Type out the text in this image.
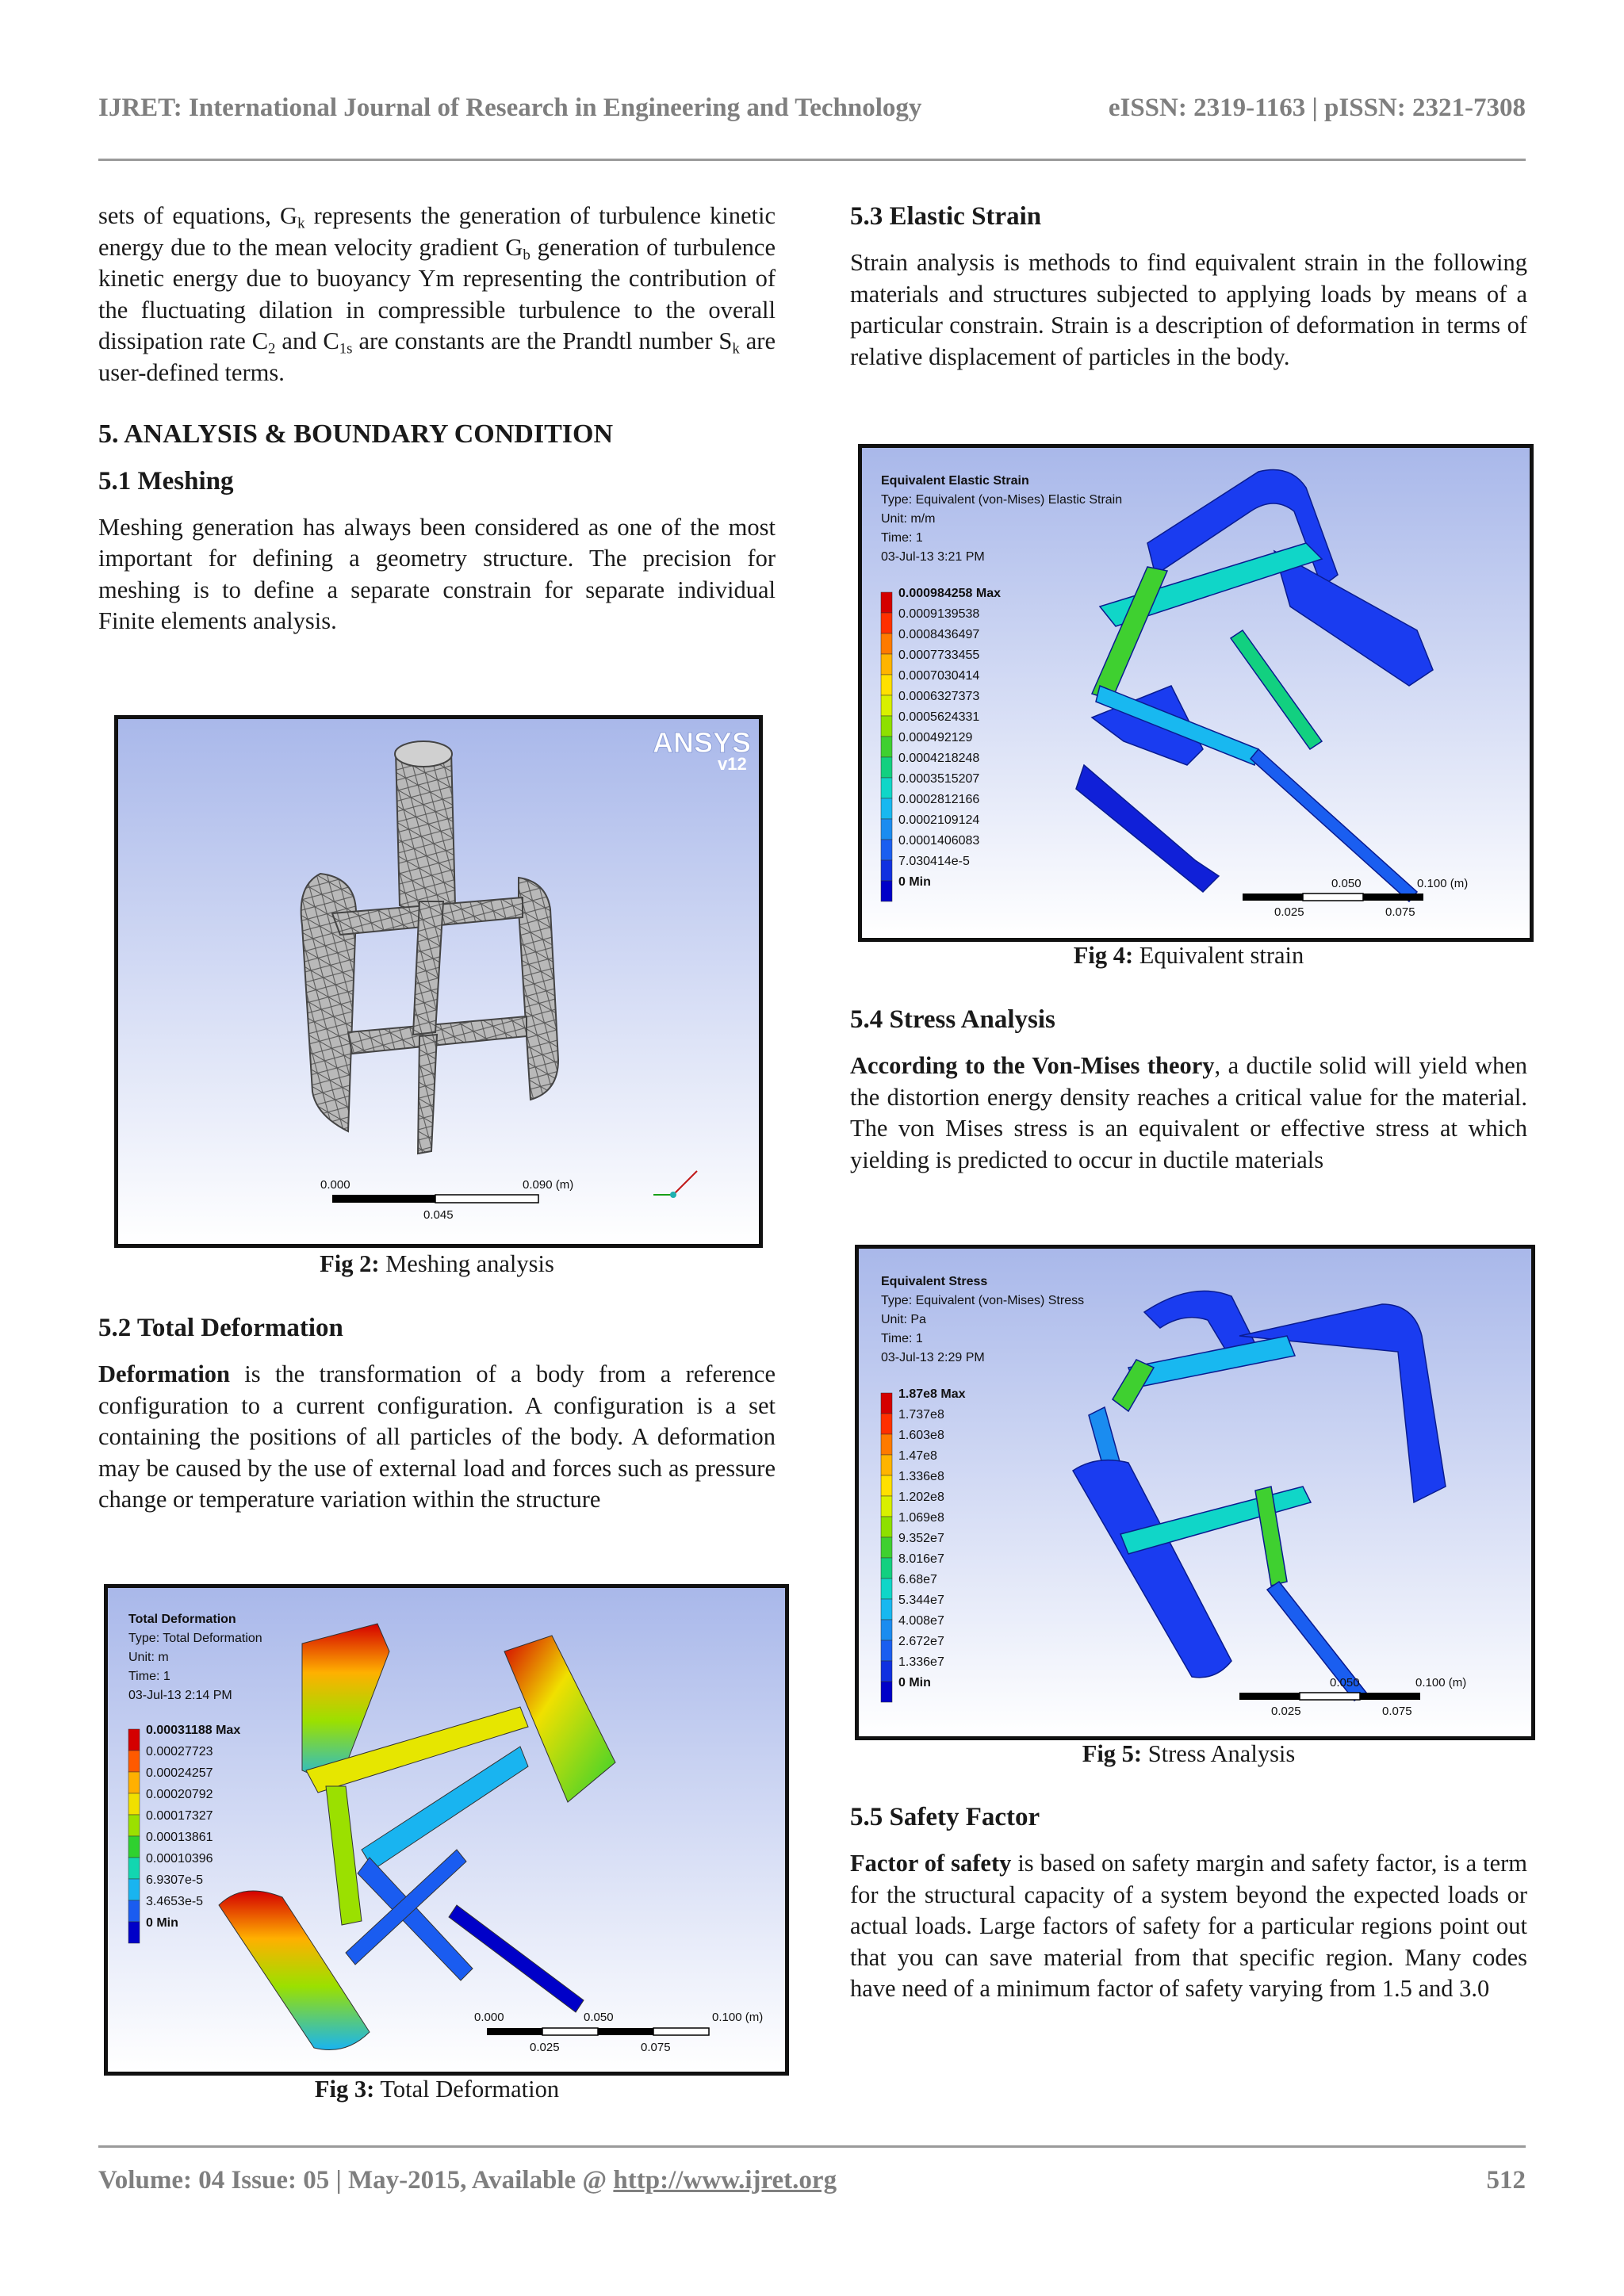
IJRET: International Journal of Research in Engineering and Technology	eISSN: 2319-1163 | pISSN: 2321-7308

sets of equations, $G_k$ represents the generation of turbulence kinetic energy due to the mean velocity gradient $G_b$ generation of turbulence kinetic energy due to buoyancy Ym representing the contribution of the fluctuating dilation in compressible turbulence to the overall dissipation rate $C_2$ and $C_{1s}$ are constants are the Prandtl number $S_k$ are user-defined terms.

5. ANALYSIS & BOUNDARY CONDITION

5.1 Meshing

Meshing generation has always been considered as one of the most important for defining a geometry structure. The precision for meshing is to define a separate constrain for separate individual Finite elements analysis.

ANSYS
v12
0.000	0.090 (m)
0.045
Fig 2: Meshing analysis

5.2 Total Deformation

Deformation is the transformation of a body from a reference configuration to a current configuration. A configuration is a set containing the positions of all particles of the body. A deformation may be caused by the use of external load and forces such as pressure change or temperature variation within the structure

Total Deformation
Type: Total Deformation
Unit: m
Time: 1
03-Jul-13 2:14 PM
0.00031188 Max
0.00027723
0.00024257
0.00020792
0.00017327
0.00013861
0.00010396
6.9307e-5
3.4653e-5
0 Min
0.000	0.050	0.100 (m)
0.025	0.075
Fig 3: Total Deformation

5.3 Elastic Strain

Strain analysis is methods to find equivalent strain in the following materials and structures subjected to applying loads by means of a particular constrain. Strain is a description of deformation in terms of relative displacement of particles in the body.

Equivalent Elastic Strain
Type: Equivalent (von-Mises) Elastic Strain
Unit: m/m
Time: 1
03-Jul-13 3:21 PM
0.000984258 Max
0.0009139538
0.0008436497
0.0007733455
0.0007030414
0.0006327373
0.0005624331
0.000492129
0.0004218248
0.0003515207
0.0002812166
0.0002109124
0.0001406083
7.030414e-5
0 Min	0.050	0.100 (m)
0.025	0.075
Fig 4: Equivalent strain

5.4 Stress Analysis

According to the Von-Mises theory, a ductile solid will yield when the distortion energy density reaches a critical value for the material. The von Mises stress is an equivalent or effective stress at which yielding is predicted to occur in ductile materials

Equivalent Stress
Type: Equivalent (von-Mises) Stress
Unit: Pa
Time: 1
03-Jul-13 2:29 PM
1.87e8 Max
1.737e8
1.603e8
1.47e8
1.336e8
1.202e8
1.069e8
9.352e7
8.016e7
6.68e7
5.344e7
4.008e7
2.672e7
1.336e7
0 Min	0.050	0.100 (m)
0.025	0.075
Fig 5: Stress Analysis

5.5 Safety Factor

Factor of safety is based on safety margin and safety factor, is a term for the structural capacity of a system beyond the expected loads or actual loads. Large factors of safety for a particular regions point out that you can save material from that specific region. Many codes have need of a minimum factor of safety varying from 1.5 and 3.0

Volume: 04 Issue: 05 | May-2015, Available @ http://www.ijret.org	512
